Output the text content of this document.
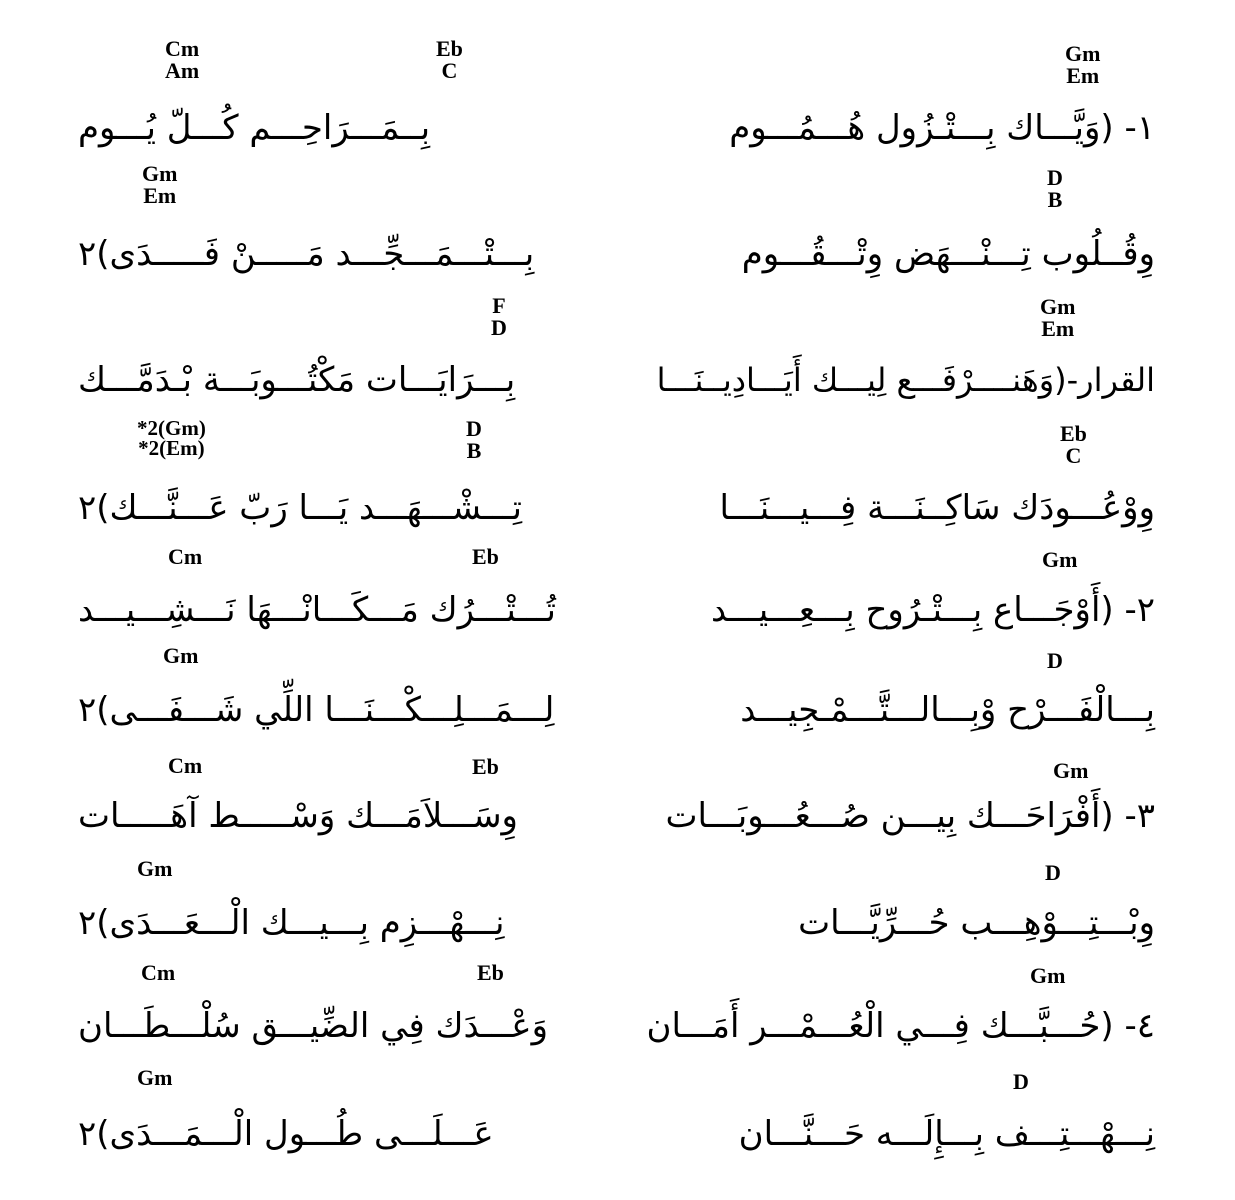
Cm
Am
Eb
C
Gm
Em
١- (وَيَّـــاك بِـــتْـزُول هُـــمُـــوم
بِــمَـــرَاحِـــم كُـــلّ يُـــوم
Gm
Em
D
B
وِقُــلُوب تِـــنْـــهَض وِتْـــقُـــوم
بِـــتْـــمَـــجِّـــد مَـــــنْ فَـــــدَى)٢
F
D
Gm
Em
القرار-(وَهَنــــرْفَـــع لِيـــك أَيَـــادِيــنَـــا
بِـــرَايَـــات مَكْتُـــوبَـــة بْـدَمَّـــك
*2(Gm)
*2(Em)
D
B
Eb
C
وِوْعُـــودَك سَاكِــنَـــة فِـــيـــنَـــا
تِـــشْـــهَـــد يَـــا رَبّ عَـــنَّـــك)٢
Cm	Eb	Gm
٢- (أَوْجَـــاع بِـــتْـرُوح بِـــعِـــيـــد
تُـــتْـــرُك مَـــكَـــانْـــهَا نَـــشِـــيـــد
Gm	D
بِـــالْفَـــرْح وْبِـــالـــتَّـــمْـجِيـــد
لِـــمَـــلِـــكْـــنَـــا اللِّي شَـــفَـــى)٢
Cm	Eb	Gm
٣- (أَفْرَاحَـــك بِيـــن صُـــعُـــوبَـــات
وِسَـــلاَمَـــك وَسْـــــط آهَـــــات
Gm	D
وِبْـــتِـــوْهِـــب حُـــرِّيَّـــات
نِـــهْـــزِم بِـــيـــك الْـــعَـــدَى)٢
Cm	Eb	Gm
٤- (حُـــبَّـــك فِـــي الْعُـــمْـــر أَمَـــان
وَعْـــدَك فِي الضِّيـــق سُلْـــطَـــان
Gm	D
نِـــهْـــتِـــف بِـــإِلَـــه حَـــنَّـــان
عَـــلَـــى طُـــول الْـــمَـــدَى)٢
